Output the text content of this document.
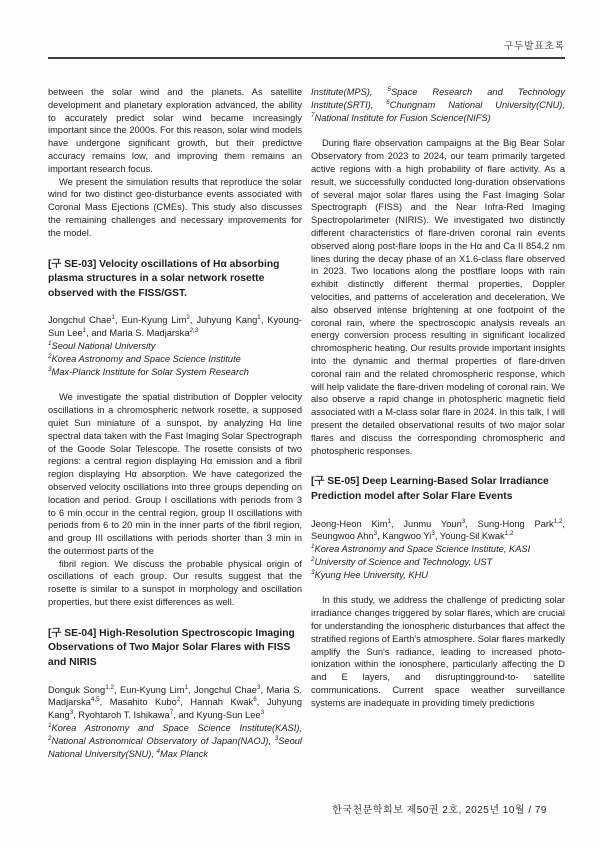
구두발표초록
between the solar wind and the planets. As satellite development and planetary exploration advanced, the ability to accurately predict solar wind became increasingly important since the 2000s. For this reason, solar wind models have undergone significant growth, but their predictive accuracy remains low, and improving them remains an important research focus.
We present the simulation results that reproduce the solar wind for two distinct geo-disturbance events associated with Coronal Mass Ejections (CMEs). This study also discusses the remaining challenges and necessary improvements for the model.
[구 SE-03] Velocity oscillations of Hα absorbing plasma structures in a solar network rosette observed with the FISS/GST.
Jongchul Chae$^1$, Eun-Kyung Lim$^2$, Juhyung Kang$^1$, Kyoung-Sun Lee$^1$, and Maria S. Madjarska$^{2,3}$
$^1$Seoul National University
$^2$Korea Astronomy and Space Science Institute
$^3$Max-Planck Institute for Solar System Research
We investigate the spatial distribution of Doppler velocity oscillations in a chromospheric network rosette, a supposed quiet Sun miniature of a sunspot, by analyzing Hα line spectral data taken with the Fast Imaging Solar Spectrograph of the Goode Solar Telescope. The rosette consists of two regions: a central region displaying Hα emission and a fibril region displaying Hα absorption. We have categorized the observed velocity oscillations into three groups depending on location and period. Group I oscillations with periods from 3 to 6 min occur in the central region, group II oscillations with periods from 6 to 20 min in the inner parts of the fibril region, and group III oscillations with periods shorter than 3 min in the outermost parts of the
fibril region. We discuss the probable physical origin of oscillations of each group. Our results suggest that the rosette is similar to a sunspot in morphology and oscillation properties, but there exist differences as well.
[구 SE-04] High-Resolution Spectroscopic Imaging Observations of Two Major Solar Flares with FISS and NIRIS
Donguk Song$^{1,2}$, Eun-Kyung Lim$^1$, Jongchul Chae$^3$, Maria S. Madjarska$^{4,5}$, Masahito Kubo$^2$, Hannah Kwak$^6$, Juhyung Kang$^3$, Ryohtaroh T. Ishikawa$^7$, and Kyung-Sun Lee$^3$
$^1$Korea Astronomy and Space Science Institute(KASI), $^2$National Astronomical Observatory of Japan(NAOJ), $^3$Seoul National University(SNU), $^4$Max Planck
Institute(MPS), $^5$Space Research and Technology Institute(SRTI), $^6$Chungnam National University(CNU), $^7$National Institute for Fusion Science(NIFS)
During flare observation campaigns at the Big Bear Solar Observatory from 2023 to 2024, our team primarily targeted active regions with a high probability of flare activity. As a result, we successfully conducted long-duration observations of several major solar flares using the Fast Imaging Solar Spectrograph (FISS) and the Near Infra-Red Imaging Spectropolarimeter (NIRIS). We investigated two distinctly different characteristics of flare-driven coronal rain events observed along post-flare loops in the Hα and Ca II 854.2 nm lines during the decay phase of an X1.6-class flare observed in 2023. Two locations along the postflare loops with rain exhibit distinctly different thermal properties, Doppler velocities, and patterns of acceleration and deceleration. We also observed intense brightening at one footpoint of the coronal rain, where the spectroscopic analysis reveals an energy conversion process resulting in significant localized chromospheric heating. Our results provide important insights into the dynamic and thermal properties of flare-driven coronal rain and the related chromospheric response, which will help validate the flare-driven modeling of coronal rain. We also observe a rapid change in photospheric magnetic field associated with a M-class solar flare in 2024. In this talk, I will present the detailed observational results of two major solar flares and discuss the corresponding chromospheric and photospheric responses.
[구 SE-05] Deep Learning-Based Solar Irradiance Prediction model after Solar Flare Events
Jeong-Heon Kim$^1$, Junmu Youn$^3$, Sung-Hong Park$^{1,2}$, Seungwoo Ahn$^3$, Kangwoo Yi$^3$, Young-Sil Kwak$^{1,2}$
$^1$Korea Astronomy and Space Science Institute, KASI
$^2$University of Science and Technology, UST
$^3$Kyung Hee University, KHU
In this study, we address the challenge of predicting solar irradiance changes triggered by solar flares, which are crucial for understanding the ionospheric disturbances that affect the stratified regions of Earth's atmosphere. Solar flares markedly amplify the Sun's radiance, leading to increased photo-ionization within the ionosphere, particularly affecting the D and E layers, and disruptingground-to- satellite communications. Current space weather surveillance systems are inadequate in providing timely predictions
한국천문학회보 제50권 2호, 2025년 10월 / 79
